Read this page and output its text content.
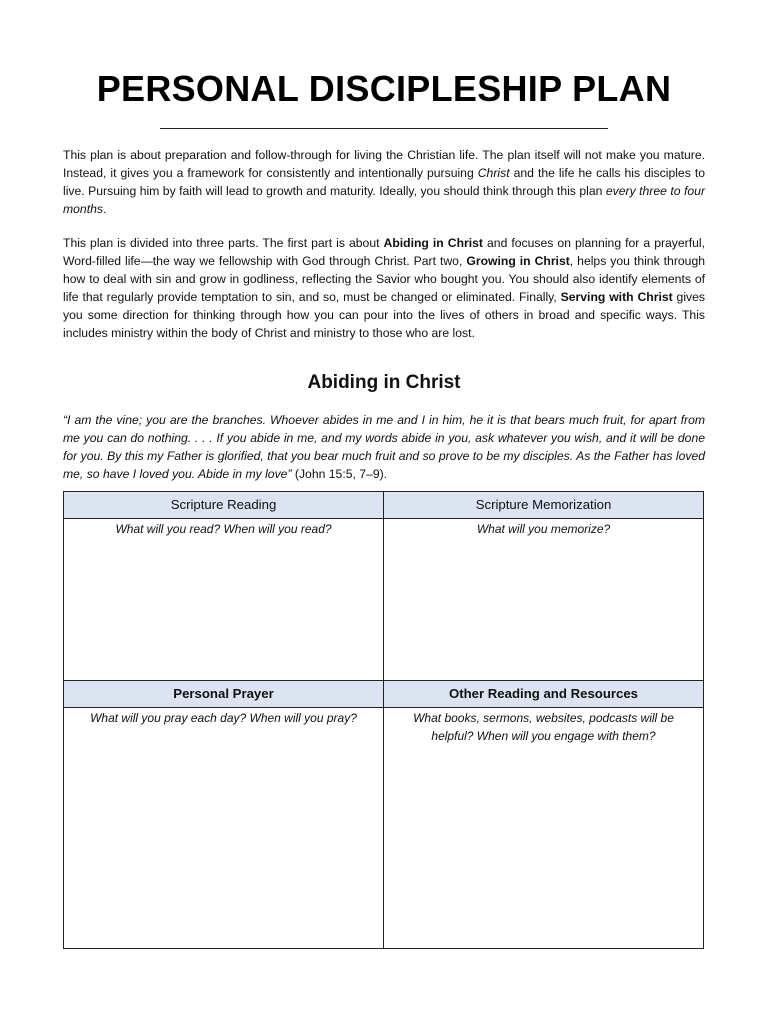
PERSONAL DISCIPLESHIP PLAN

This plan is about preparation and follow-through for living the Christian life. The plan itself will not make you mature. Instead, it gives you a framework for consistently and intentionally pursuing Christ and the life he calls his disciples to live. Pursuing him by faith will lead to growth and maturity. Ideally, you should think through this plan every three to four months.

This plan is divided into three parts. The first part is about Abiding in Christ and focuses on planning for a prayerful, Word-filled life—the way we fellowship with God through Christ. Part two, Growing in Christ, helps you think through how to deal with sin and grow in godliness, reflecting the Savior who bought you. You should also identify elements of life that regularly provide temptation to sin, and so, must be changed or eliminated. Finally, Serving with Christ gives you some direction for thinking through how you can pour into the lives of others in broad and specific ways. This includes ministry within the body of Christ and ministry to those who are lost.

Abiding in Christ

“I am the vine; you are the branches. Whoever abides in me and I in him, he it is that bears much fruit, for apart from me you can do nothing. . . . If you abide in me, and my words abide in you, ask whatever you wish, and it will be done for you. By this my Father is glorified, that you bear much fruit and so prove to be my disciples. As the Father has loved me, so have I loved you. Abide in my love” (John 15:5, 7–9).

Scripture Reading
What will you read? When will you read?
Scripture Memorization
What will you memorize?
Personal Prayer
What will you pray each day? When will you pray?
Other Reading and Resources
What books, sermons, websites, podcasts will be helpful? When will you engage with them?
